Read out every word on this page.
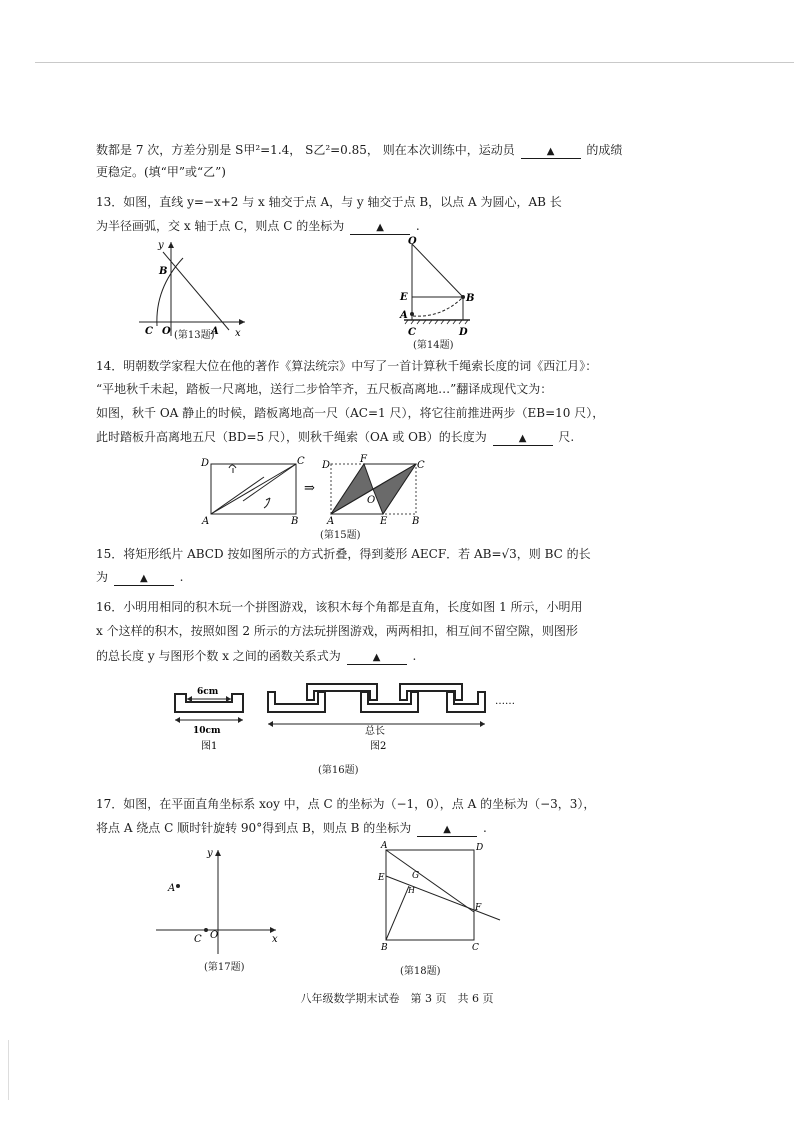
数都是 7 次，方差分别是 S甲²=1.4， S乙²=0.85， 则在本次训练中，运动员	▲	的成绩
更稳定。(填“甲”或“乙”)
13．如图，直线 y=−x+2 与 x 轴交于点 A，与 y 轴交于点 B，以点 A 为圆心，AB 长
为半径画弧，交 x 轴于点 C，则点 C 的坐标为	▲	.
y
x
B
C O	A
(第13题)
O
E	B
A
C	D
(第14题)
14．明朝数学家程大位在他的著作《算法统宗》中写了一首计算秋千绳索长度的词《西江月》：
“平地秋千未起，踏板一尺离地，送行二步恰竿齐，五尺板高离地…”翻译成现代文为：
如图，秋千 OA 静止的时候，踏板离地高一尺（AC=1 尺），将它往前推进两步（EB=10 尺），
此时踏板升高离地五尺（BD=5 尺），则秋千绳索（OA 或 OB）的长度为	▲	尺.
D	C
A	B
⇒
D
F
C
O
A	E B
(第15题)
15．将矩形纸片 ABCD 按如图所示的方式折叠，得到菱形 AECF．若 AB=√3，则 BC 的长
为	▲	.
16．小明用相同的积木玩一个拼图游戏，该积木每个角都是直角，长度如图 1 所示，小明用
x 个这样的积木，按照如图 2 所示的方法玩拼图游戏，两两相扣，相互间不留空隙，则图形
的总长度 y 与图形个数 x 之间的函数关系式为	▲	.
6cm
10cm
图1
……
总长
图2
(第16题)
17．如图，在平面直角坐标系 xoy 中，点 C 的坐标为（−1，0），点 A 的坐标为（−3，3），
将点 A 绕点 C 顺时针旋转 90°得到点 B，则点 B 的坐标为	▲	.
y
x
A
C O
(第17题)
A	D
E	G
H
F
B	C
(第18题)
八年级数学期末试卷　第 3 页　共 6 页
